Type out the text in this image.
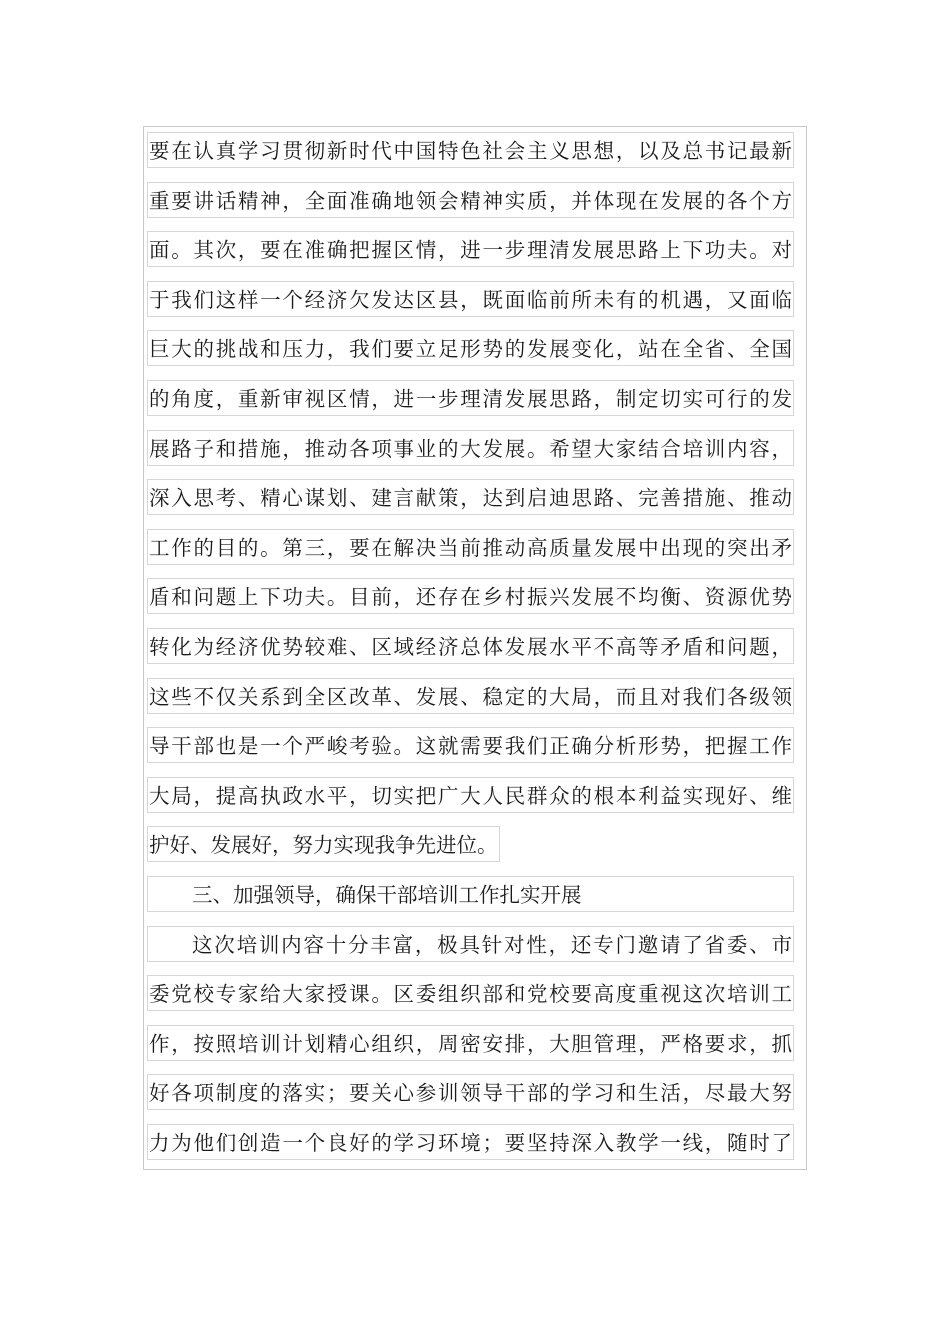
要在认真学习贯彻新时代中国特色社会主义思想，以及总书记最新
重要讲话精神，全面准确地领会精神实质，并体现在发展的各个方
面。其次，要在准确把握区情，进一步理清发展思路上下功夫。对
于我们这样一个经济欠发达区县，既面临前所未有的机遇，又面临
巨大的挑战和压力，我们要立足形势的发展变化，站在全省、全国
的角度，重新审视区情，进一步理清发展思路，制定切实可行的发
展路子和措施，推动各项事业的大发展。希望大家结合培训内容，
深入思考、精心谋划、建言献策，达到启迪思路、完善措施、推动
工作的目的。第三，要在解决当前推动高质量发展中出现的突出矛
盾和问题上下功夫。目前，还存在乡村振兴发展不均衡、资源优势
转化为经济优势较难、区域经济总体发展水平不高等矛盾和问题，
这些不仅关系到全区改革、发展、稳定的大局，而且对我们各级领
导干部也是一个严峻考验。这就需要我们正确分析形势，把握工作
大局，提高执政水平，切实把广大人民群众的根本利益实现好、维
护好、发展好，努力实现我争先进位。
三、加强领导，确保干部培训工作扎实开展
这次培训内容十分丰富，极具针对性，还专门邀请了省委、市
委党校专家给大家授课。区委组织部和党校要高度重视这次培训工
作，按照培训计划精心组织，周密安排，大胆管理，严格要求，抓
好各项制度的落实；要关心参训领导干部的学习和生活，尽最大努
力为他们创造一个良好的学习环境；要坚持深入教学一线，随时了
